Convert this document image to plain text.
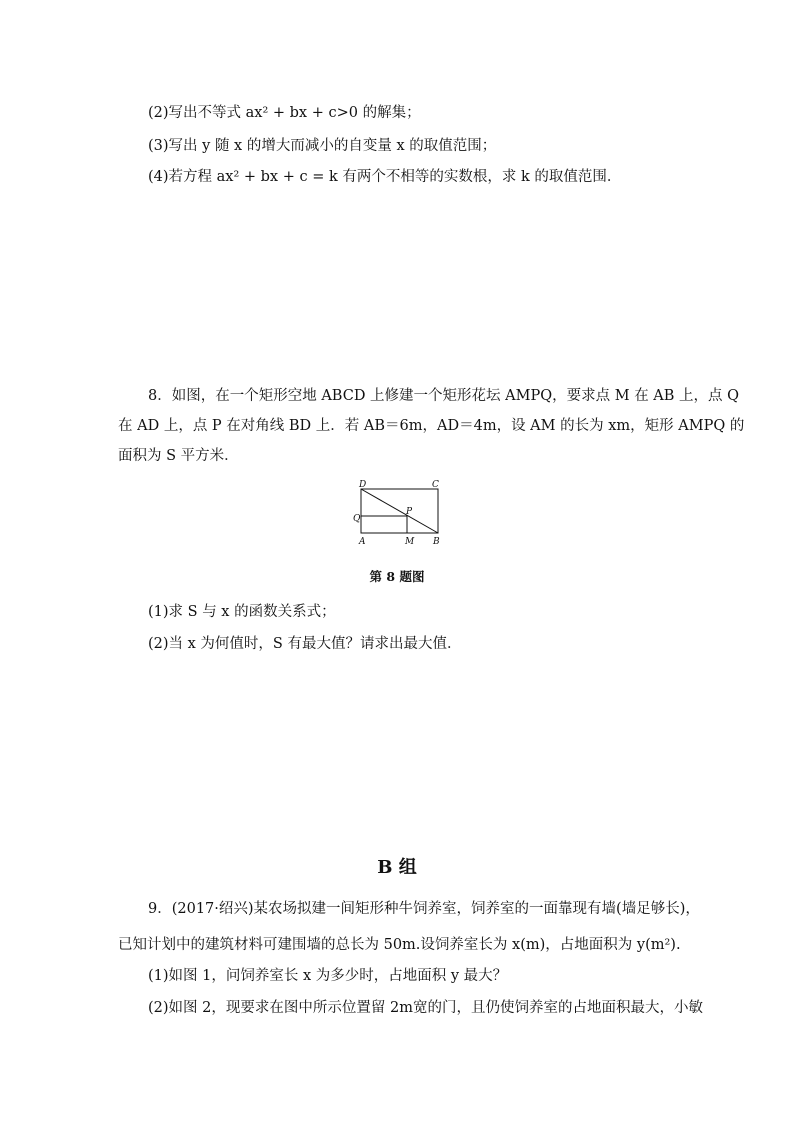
(2)写出不等式 ax² + bx + c>0 的解集；
(3)写出 y 随 x 的增大而减小的自变量 x 的取值范围；
(4)若方程 ax² + bx + c = k 有两个不相等的实数根，求 k 的取值范围．
8．如图，在一个矩形空地 ABCD 上修建一个矩形花坛 AMPQ，要求点 M 在 AB 上，点 Q
在 AD 上，点 P 在对角线 BD 上．若 AB＝6m，AD＝4m，设 AM 的长为 xm，矩形 AMPQ 的
面积为 S 平方米．
D	C
Q
P
A	M B
第 8 题图
(1)求 S 与 x 的函数关系式；
(2)当 x 为何值时，S 有最大值？请求出最大值．
B 组
9．(2017·绍兴)某农场拟建一间矩形种牛饲养室，饲养室的一面靠现有墙(墙足够长)，
已知计划中的建筑材料可建围墙的总长为 50m.设饲养室长为 x(m)，占地面积为 y(m²).
(1)如图 1，问饲养室长 x 为多少时，占地面积 y 最大？
(2)如图 2，现要求在图中所示位置留 2m宽的门，且仍使饲养室的占地面积最大，小敏
